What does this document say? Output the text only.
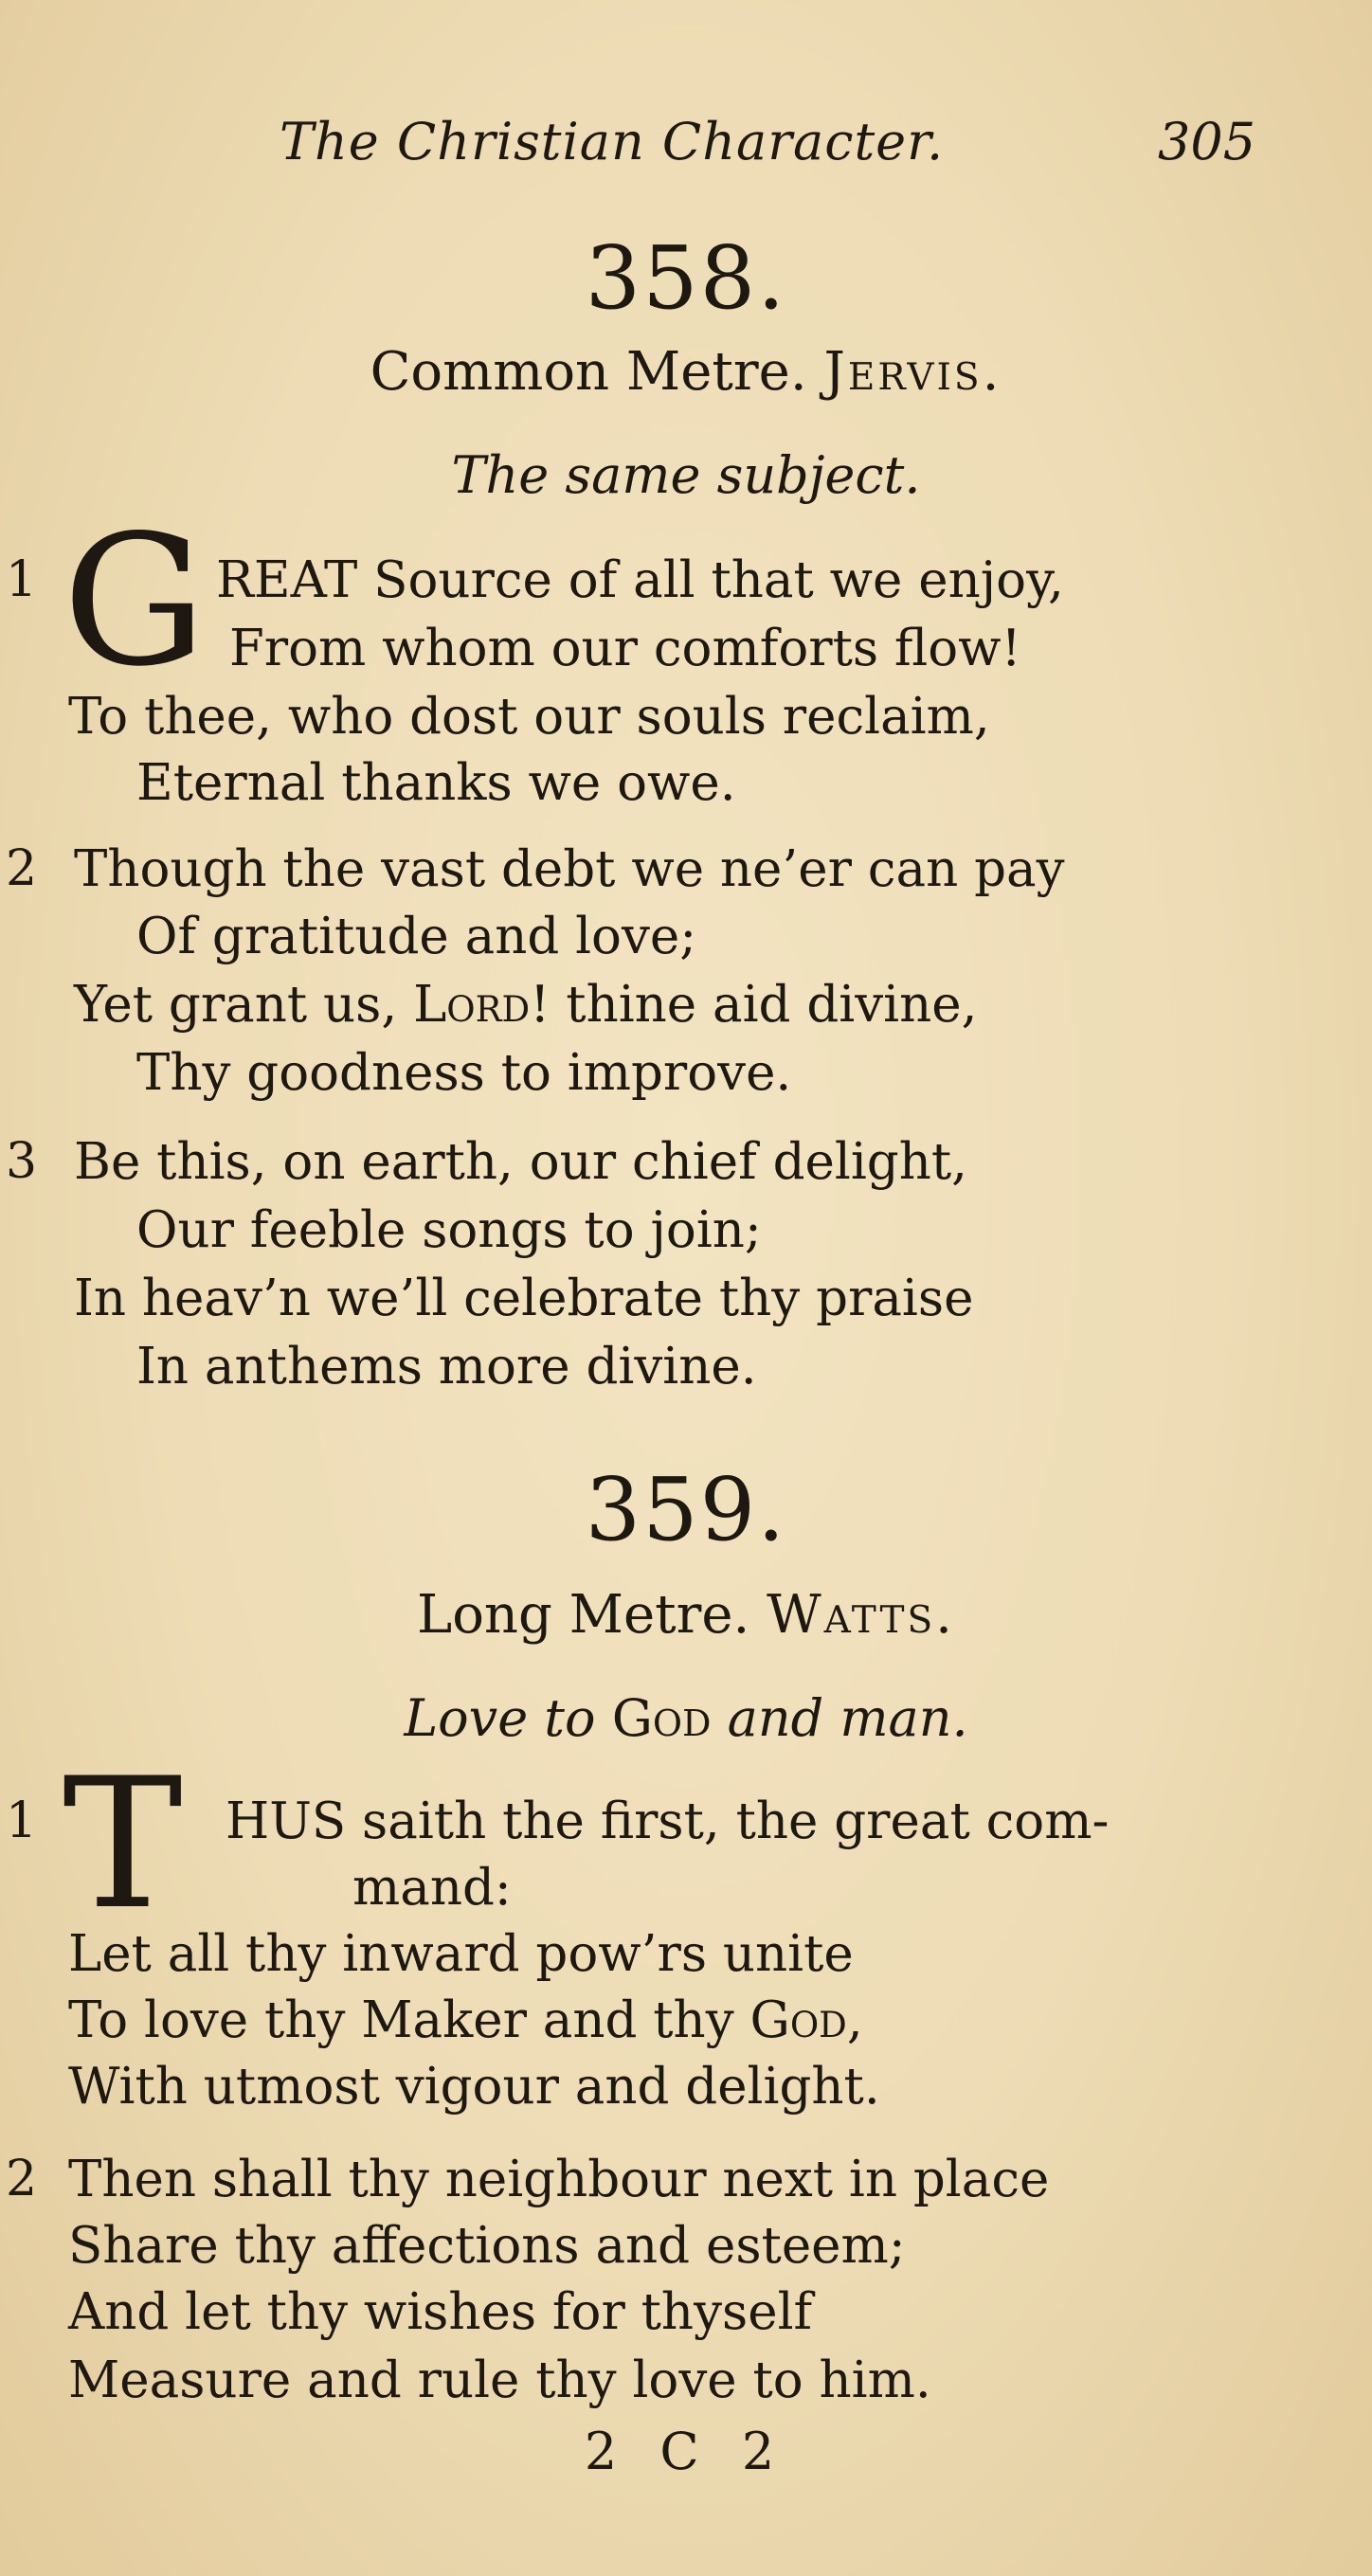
The Christian Character.	305
358.
Common Metre. Jervis.
The same subject.
1 G REAT Source of all that we enjoy,
From whom our comforts flow!
To thee, who dost our souls reclaim,
Eternal thanks we owe.
2 Though the vast debt we ne’er can pay
Of gratitude and love;
Yet grant us, Lord! thine aid divine,
Thy goodness to improve.
3 Be this, on earth, our chief delight,
Our feeble songs to join;
In heav’n we’ll celebrate thy praise
In anthems more divine.
359.
Long Metre. Watts.
Love to God and man.
1 T HUS saith the first, the great com-
mand:
Let all thy inward pow’rs unite
To love thy Maker and thy God,
With utmost vigour and delight.
2 Then shall thy neighbour next in place
Share thy affections and esteem;
And let thy wishes for thyself
Measure and rule thy love to him.
2 C 2
